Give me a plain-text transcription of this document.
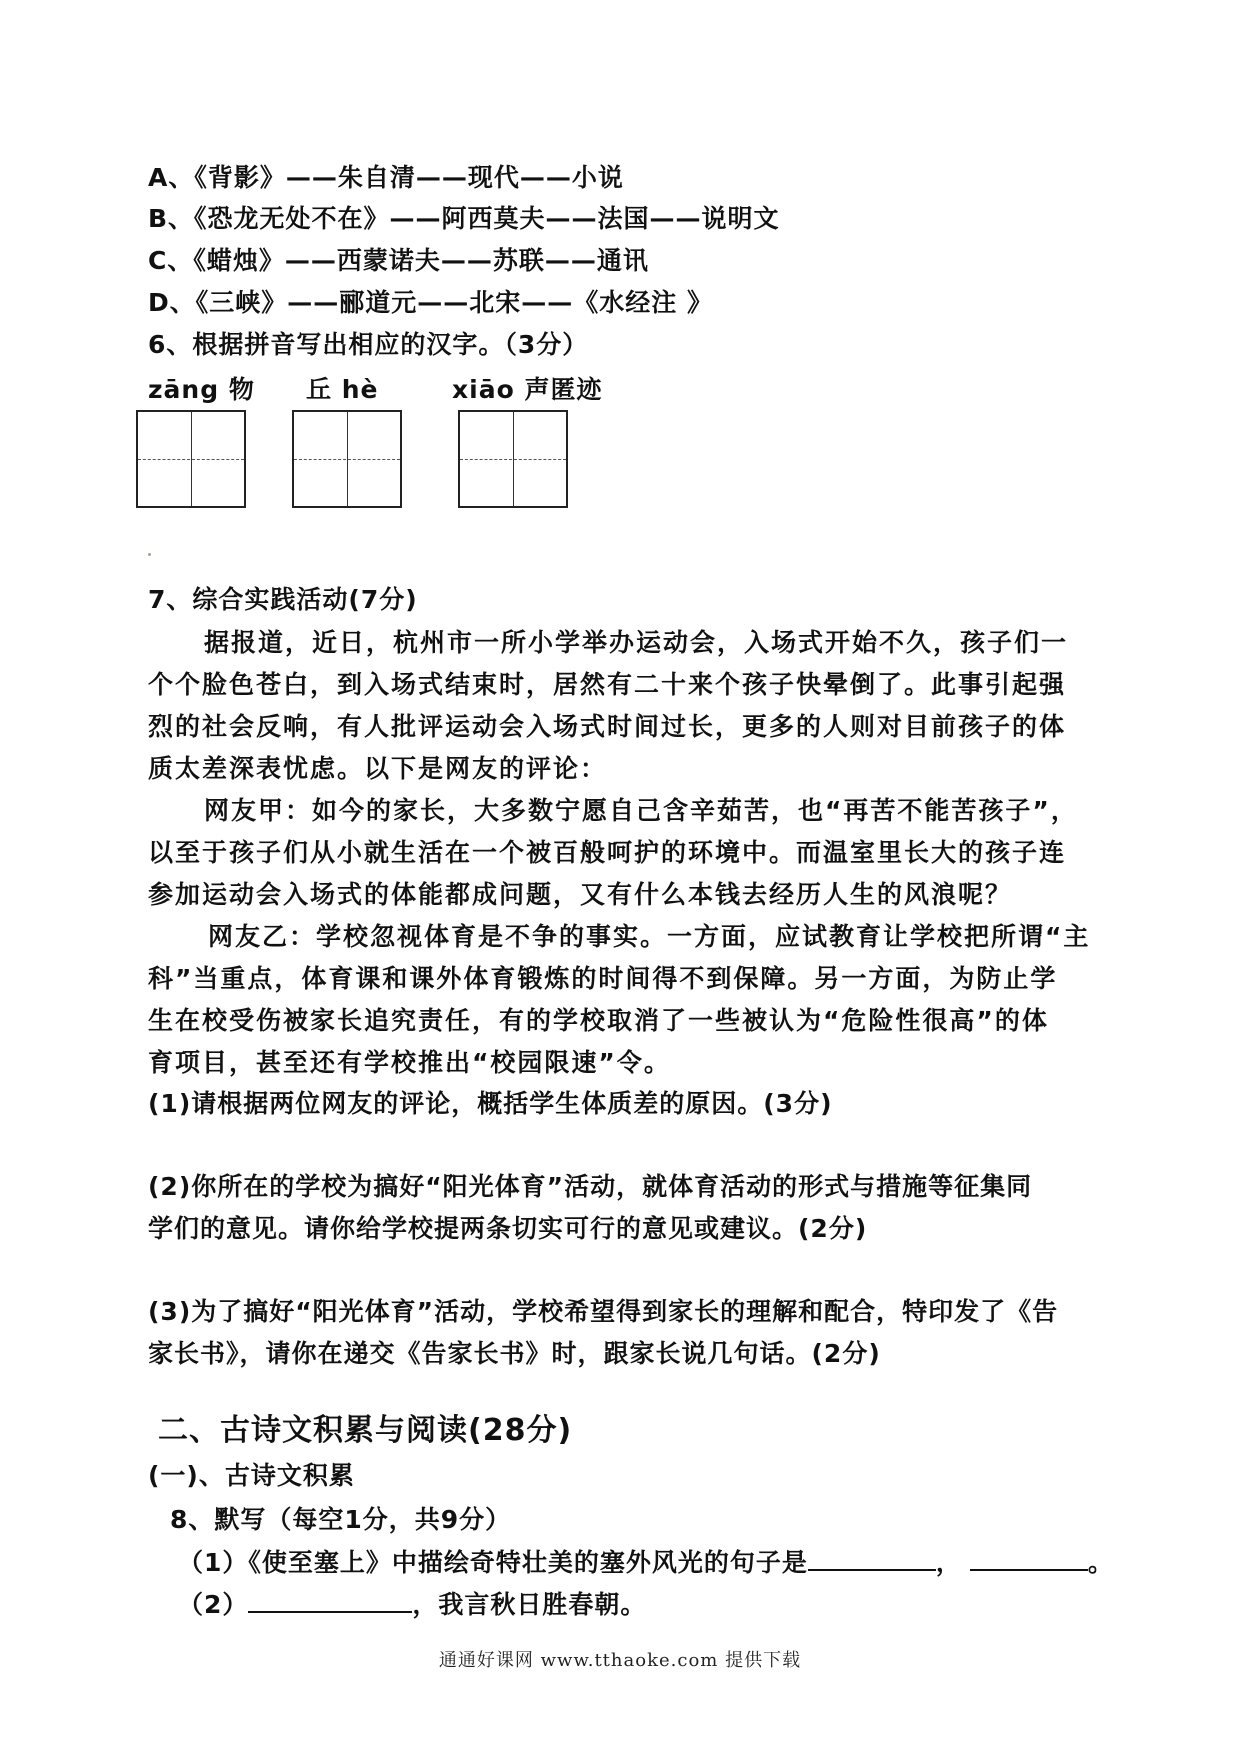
A、《背影》——朱自清——现代——小说
B、《恐龙无处不在》——阿西莫夫——法国——说明文
C、《蜡烛》——西蒙诺夫——苏联——通讯
D、《三峡》——郦道元——北宋——《水经注 》
6、根据拼音写出相应的汉字。（3分）
zāng 物 丘 hè	xiāo 声匿迹
7、综合实践活动(7分)
据报道，近日，杭州市一所小学举办运动会，入场式开始不久，孩子们一
个个脸色苍白，到入场式结束时，居然有二十来个孩子快晕倒了。此事引起强
烈的社会反响，有人批评运动会入场式时间过长，更多的人则对目前孩子的体
质太差深表忧虑。以下是网友的评论：
网友甲：如今的家长，大多数宁愿自己含辛茹苦，也“再苦不能苦孩子”，
以至于孩子们从小就生活在一个被百般呵护的环境中。而温室里长大的孩子连
参加运动会入场式的体能都成问题，又有什么本钱去经历人生的风浪呢？
网友乙：学校忽视体育是不争的事实。一方面，应试教育让学校把所谓“主
科”当重点，体育课和课外体育锻炼的时间得不到保障。另一方面，为防止学
生在校受伤被家长追究责任，有的学校取消了一些被认为“危险性很高”的体
育项目，甚至还有学校推出“校园限速”令。
(1)请根据两位网友的评论，概括学生体质差的原因。(3分)
(2)你所在的学校为搞好“阳光体育”活动，就体育活动的形式与措施等征集同
学们的意见。请你给学校提两条切实可行的意见或建议。(2分)
(3)为了搞好“阳光体育”活动，学校希望得到家长的理解和配合，特印发了《告
家长书》，请你在递交《告家长书》时，跟家长说几句话。(2分)
二、古诗文积累与阅读(28分)
(一)、古诗文积累
8、默写（每空1分，共9分）
（1）《使至塞上》中描绘奇特壮美的塞外风光的句子是	，	。
（2）	，我言秋日胜春朝。
通通好课网 www.tthaoke.com 提供下载
